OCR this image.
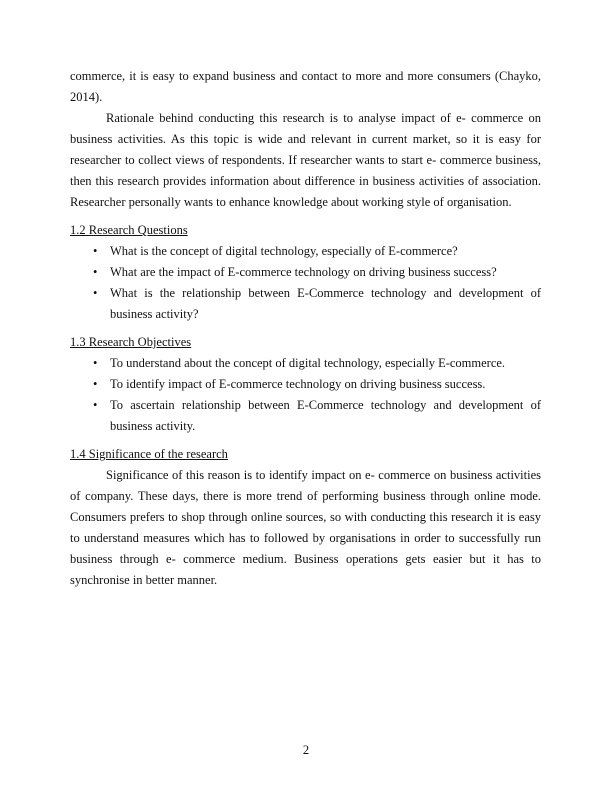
commerce, it is easy to expand business and contact to more and more consumers (Chayko, 2014).

Rationale behind conducting this research is to analyse impact of e- commerce on business activities. As this topic is wide and relevant in current market, so it is easy for researcher to collect views of respondents. If researcher wants to start e- commerce business, then this research provides information about difference in business activities of association. Researcher personally wants to enhance knowledge about working style of organisation.

1.2 Research Questions
• What is the concept of digital technology, especially of E-commerce?
• What are the impact of E-commerce technology on driving business success?
• What is the relationship between E-Commerce technology and development of business activity?
1.3 Research Objectives
• To understand about the concept of digital technology, especially E-commerce.
• To identify impact of E-commerce technology on driving business success.
• To ascertain relationship between E-Commerce technology and development of business activity.
1.4 Significance of the research

Significance of this reason is to identify impact on e- commerce on business activities of company. These days, there is more trend of performing business through online mode. Consumers prefers to shop through online sources, so with conducting this research it is easy to understand measures which has to followed by organisations in order to successfully run business through e- commerce medium. Business operations gets easier but it has to synchronise in better manner.

2
